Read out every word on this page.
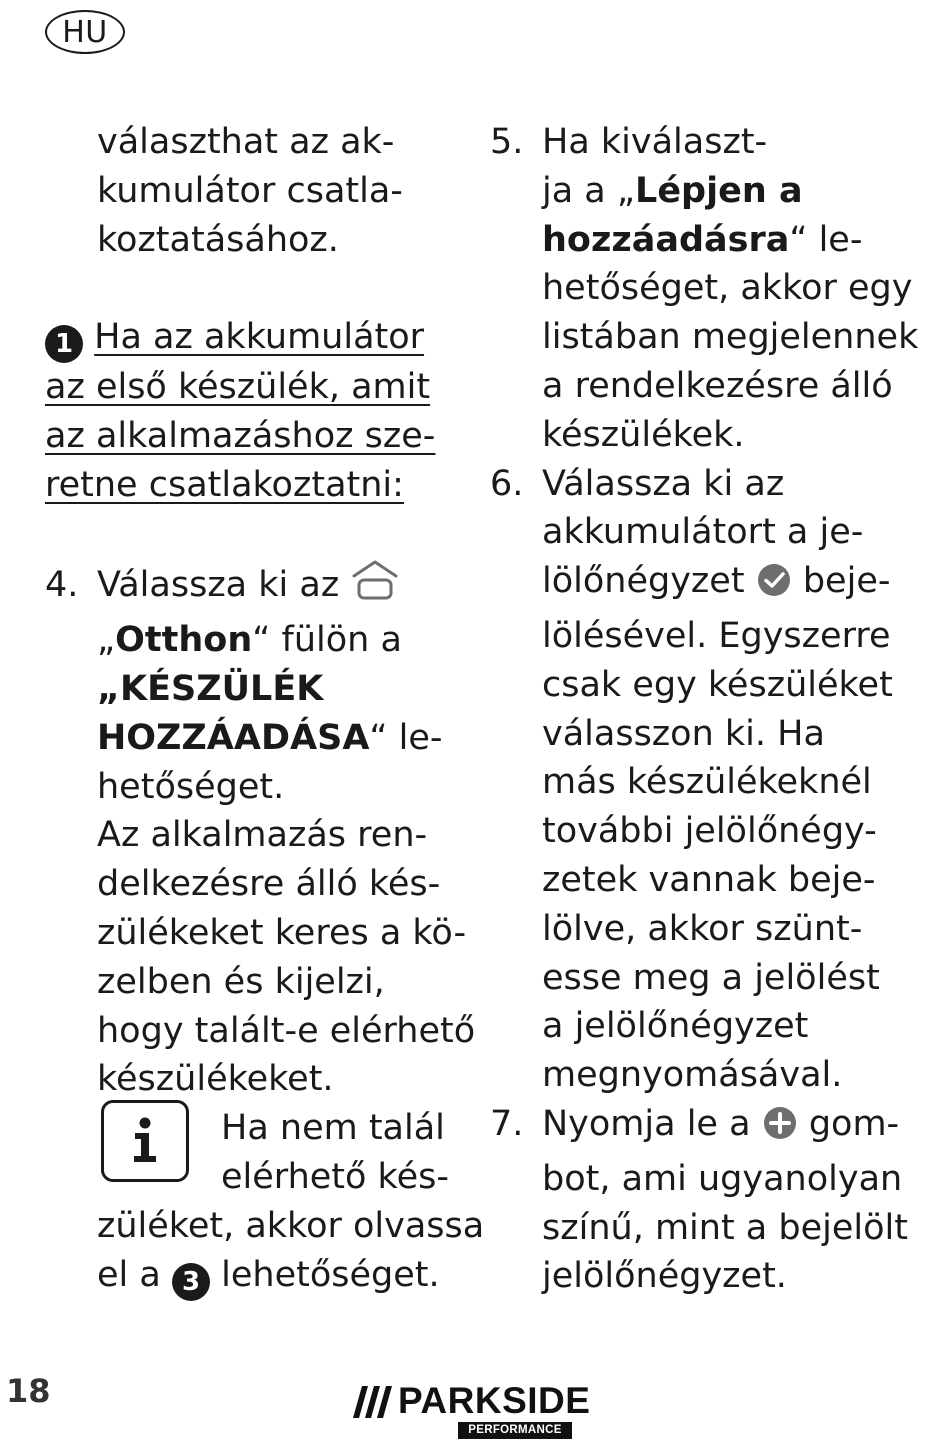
HU
választhat az ak-
kumulátor csatla-
koztatásához.
1 Ha az akkumulátor
az első készülék, amit
az alkalmazáshoz sze-
retne csatlakoztatni:
4. Válassza ki az
„Otthon“ fülön a
„KÉSZÜLÉK
HOZZÁADÁSA“ le-
hetőséget.
Az alkalmazás ren-
delkezésre álló kés-
zülékeket keres a kö-
zelben és kijelzi,
hogy talált-e elérhető
készülékeket.
Ha nem talál
elérhető kés-
züléket, akkor olvassa
el a 3 lehetőséget.
5. Ha kiválaszt-
ja a „Lépjen a
hozzáadásra“ le-
hetőséget, akkor egy
listában megjelennek
a rendelkezésre álló
készülékek.
6. Válassza ki az
akkumulátort a je-
lölőnégyzet beje-
lölésével. Egyszerre
csak egy készüléket
válasszon ki. Ha
más készülékeknél
további jelölőnégy-
zetek vannak beje-
lölve, akkor szünt-
esse meg a jelölést
a jelölőnégyzet
megnyomásával.
7. Nyomja le a gom-
bot, ami ugyanolyan
színű, mint a bejelölt
jelölőnégyzet.
18	PARKSIDE
PERFORMANCE
